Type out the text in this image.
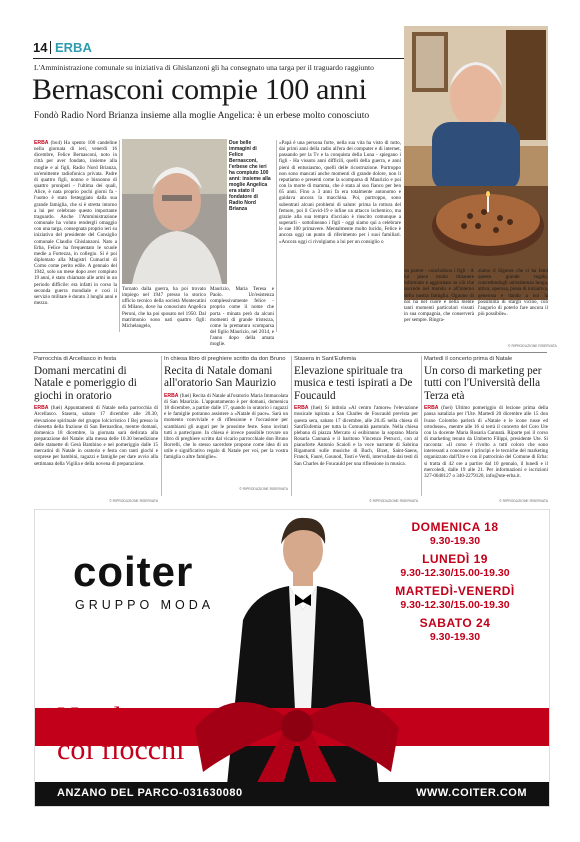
14 ERBA
L'Amministrazione comunale su iniziativa di Ghislanzoni gli ha consegnato una targa per il traguardo raggiunto
Bernasconi compie 100 anni
Fondò Radio Nord Brianza insieme alla moglie Angelica: è un erbese molto conosciuto
Due belle immagini di Felice Bernasconi, l'erbese che ieri ha compiuto 100 anni: insieme alla moglie Angelica era stato il fondatore di Radio Nord Brianza
ERBA (bo4) Ha spento 100 candeline nella giornata di ieri, venerdì 16 dicembre, Felice Bernasconi, noto in città per aver fondato, insieme alla moglie e ai figli, Radio Nord Brianza, un'emittente radiofonica privata. Padre di quattro figli, nonno e bisnonno di quattro pronipoti - l'ultima dei quali, Alice, è nata proprio pochi giorni fa - l'uomo è stato festeggiato dalla sua grande famiglia, che si è stretta intorno a lui per celebrare questo importante traguardo. Anche l'Amministrazione comunale ha voluto rendergli omaggio con una targa, consegnata proprio ieri su iniziativa del presidente del Consiglio comunale Claudio Ghislanzoni. Nato a Erba, Felice ha frequentato le scuole medie a Fortezza, in collegio. Si è poi diplomato alla Magistri Cumacini di Como come perito edile. A gennaio del 1942, solo un mese dopo aver compiuto 19 anni, è stato chiamato alle armi in un periodo difficile: era infatti in corso la seconda guerra mondiale e così il servizio militare è durato 3 lunghi anni e mezzo.
Tornato dalla guerra, ha poi trovato impiego nel 1947 presso lo storico ufficio tecnico della società Montecatini di Milano, dove ha conosciuto Angelica Peroni, che ha poi sposato nel 1950. Dal matrimonio sono nati quattro figli: Michelangelo,
Maurizio, Maria Teresa e Paolo. Un'esistenza complessivamente felice - proprio come il nome che porta - minata però da alcuni momenti di grande tristezza, come la prematura scomparsa del figlio Maurizio, nel 2014, e l'anno dopo della amata moglie.
«Papà è una persona forte, nella sua vita ha visto di tutto, dai primi anni della radio all'era dei computer e di internet, passando per la Tv e la conquista della Luna - spiegano i figli - Ha vissuto anni difficili, quelli della guerra, e anni pieni di entusiasmo, quelli delle ricostruzione. Purtroppo non sono mancati anche momenti di grande dolore, non li reputiamo e presenti come la scomparsa di Maurizio e poi con la morte di mamma, che è stata al suo fianco per ben 65 anni. Fino a 3 anni fa era totalmente autonomo e guidava ancora la macchina. Poi, purtroppo, sono subentrati alcuni problemi di salute: prima la rottura del femore, poi il Covid-19 e infine un attacco ischemico, ma grazie alla sua tempra d'acciaio è riuscito comunque a superarli - sottolineano i figli - oggi siamo qui a celebrare le sue 100 primavere. Mentalmente molto lucido, Felice è ancora oggi un punto di riferimento per i suoi familiari. «Ancora oggi ci rivolgiamo a lui per un consiglio o
un parere - concludono i figli - A lui piace molto rimanere informato e aggiornato su ciò che succede nel mondo e all'interno della nostra famiglia. Ognuno di noi ha nel cuore e nella mente tanti momenti particolari vissuti in sua compagnia, che conserverà per sempre. Ringra-
ziamo il Signore che ci ha fatto questo grande regalo, concedendogli un'esistenza lunga, attiva, operosa, piena di iniziativa, generosa e dando a noi la possibilità di stargli vicino, con l'augurio di poterlo fare ancora il più possibile».
© RIPRODUZIONE RISERVATA
Parrocchia di Arcellasco in festa
Domani mercatini di Natale e pomeriggio di giochi in oratorio
ERBA (fuei) Appuntamenti di Natale nella parrocchia di Arcellasco. Stasera, sabato 17 dicembre alle 20.30, elevazione spirituale del gruppo lolcicristico I Bej presso la chiesetta della frazione di San Bernardino, mentre domani, domenica 18 dicembre, la giornata sarà dedicata alla preparazione del Natale: alla messa delle 10.30 benedizione delle statuette di Gesù Bambino e nel pomeriggio dalle 15 mercatini di Natale in oratorio e festa con tanti giochi e sorprese per bambini, ragazzi e famiglie per dare avvio alla settimana della Vigilia e della novena di preparazione.
© RIPRODUZIONE RISERVATA
In chiesa libro di preghiere scritto da don Bruno
Recita di Natale domani all'oratorio San Maurizio
ERBA (fuei) Recita di Natale all'oratorio Maria Immacolata di San Maurizio. L'appuntamento è per domani, domenica 18 dicembre, a partire dalle 17, quando in oratorio i ragazzi e le famiglie potranno assistere a «Natale di pace». Sarà un momento conviviale e di riflessione e l'occasione per scambiarsi gli auguri per le prossime feste. Sono invitati tutti a partecipare. In chiesa è invece possibile trovare un libro di preghiere scritto dal vicario parrocchiale don Bruno Borrelli, che lo stesso sacerdote propone come idea di un utile e significativo regalo di Natale per voi, per la vostra famiglia o altre famiglie».
© RIPRODUZIONE RISERVATA
Stasera in Sant'Eufemia
Elevazione spirituale tra musica e testi ispirati a De Foucauld
ERBA (fuei) Si intitola «Al centro l'amore» l'elevazione musicale ispirata a San Charles de Foucauld prevista per questa sera, sabato 17 dicembre, alle 20.45 nella chiesa di Sant'Eufemia per tutta la Comunità pastorale. Nella chiesa plebana di piazza Mercato si esibiranno la soprano Maria Rosaria Cannanà e il baritono Vincenzo Petrucci, con al pianoforte Antonio Scaioli e la voce narrante di Sabrina Rigamonti sulle musiche di Bach, Bizet, Saint-Saens, Franck, Fauré, Gounod, Tosti e Verdi, intervallate dai testi di San Charles de Foucauld per una riflessione in musica.
© RIPRODUZIONE RISERVATA
Martedì il concerto prima di Natale
Un corso di marketing per tutti con l'Università della Terza età
ERBA (fuei) Ultimo pomeriggio di lezione prima della pausa natalizia per l'Ute. Martedì 20 dicembre alle 15 don Ivano Colombo parlerà di «Natale e le icone russe ed ortodosse», mentre alle 16 si terrà il concerto del Coro Ute con la docente Maria Rosaria Cannatà. Riparte poi il corso di marketing tenuto da Umberto Filippi, presidente Ute. Si racconta: «Il corso è rivolto a tutti coloro che sono interessati a conoscere i principi e le tecniche del marketing organizzato dall'Ute e con il patrocinio del Comune di Erba: si tratta di 42 ore a partire dal 10 gennaio, il lunedì e il mercoledì, dalle 19 alle 21. Per informazioni e iscrizioni 327-0048127 o 340-2279120, info@ute-erba.it.
© RIPRODUZIONE RISERVATA
coiter
GRUPPO MODA
DOMENICA 18
9.30-19.30
LUNEDÌ 19
9.30-12.30/15.00-19.30
MARTEDÌ-VENERDÌ
9.30-12.30/15.00-19.30
SABATO 24
9.30-19.30
Natale
coi fiocchi
ANZANO DEL PARCO-031630080	WWW.COITER.COM
